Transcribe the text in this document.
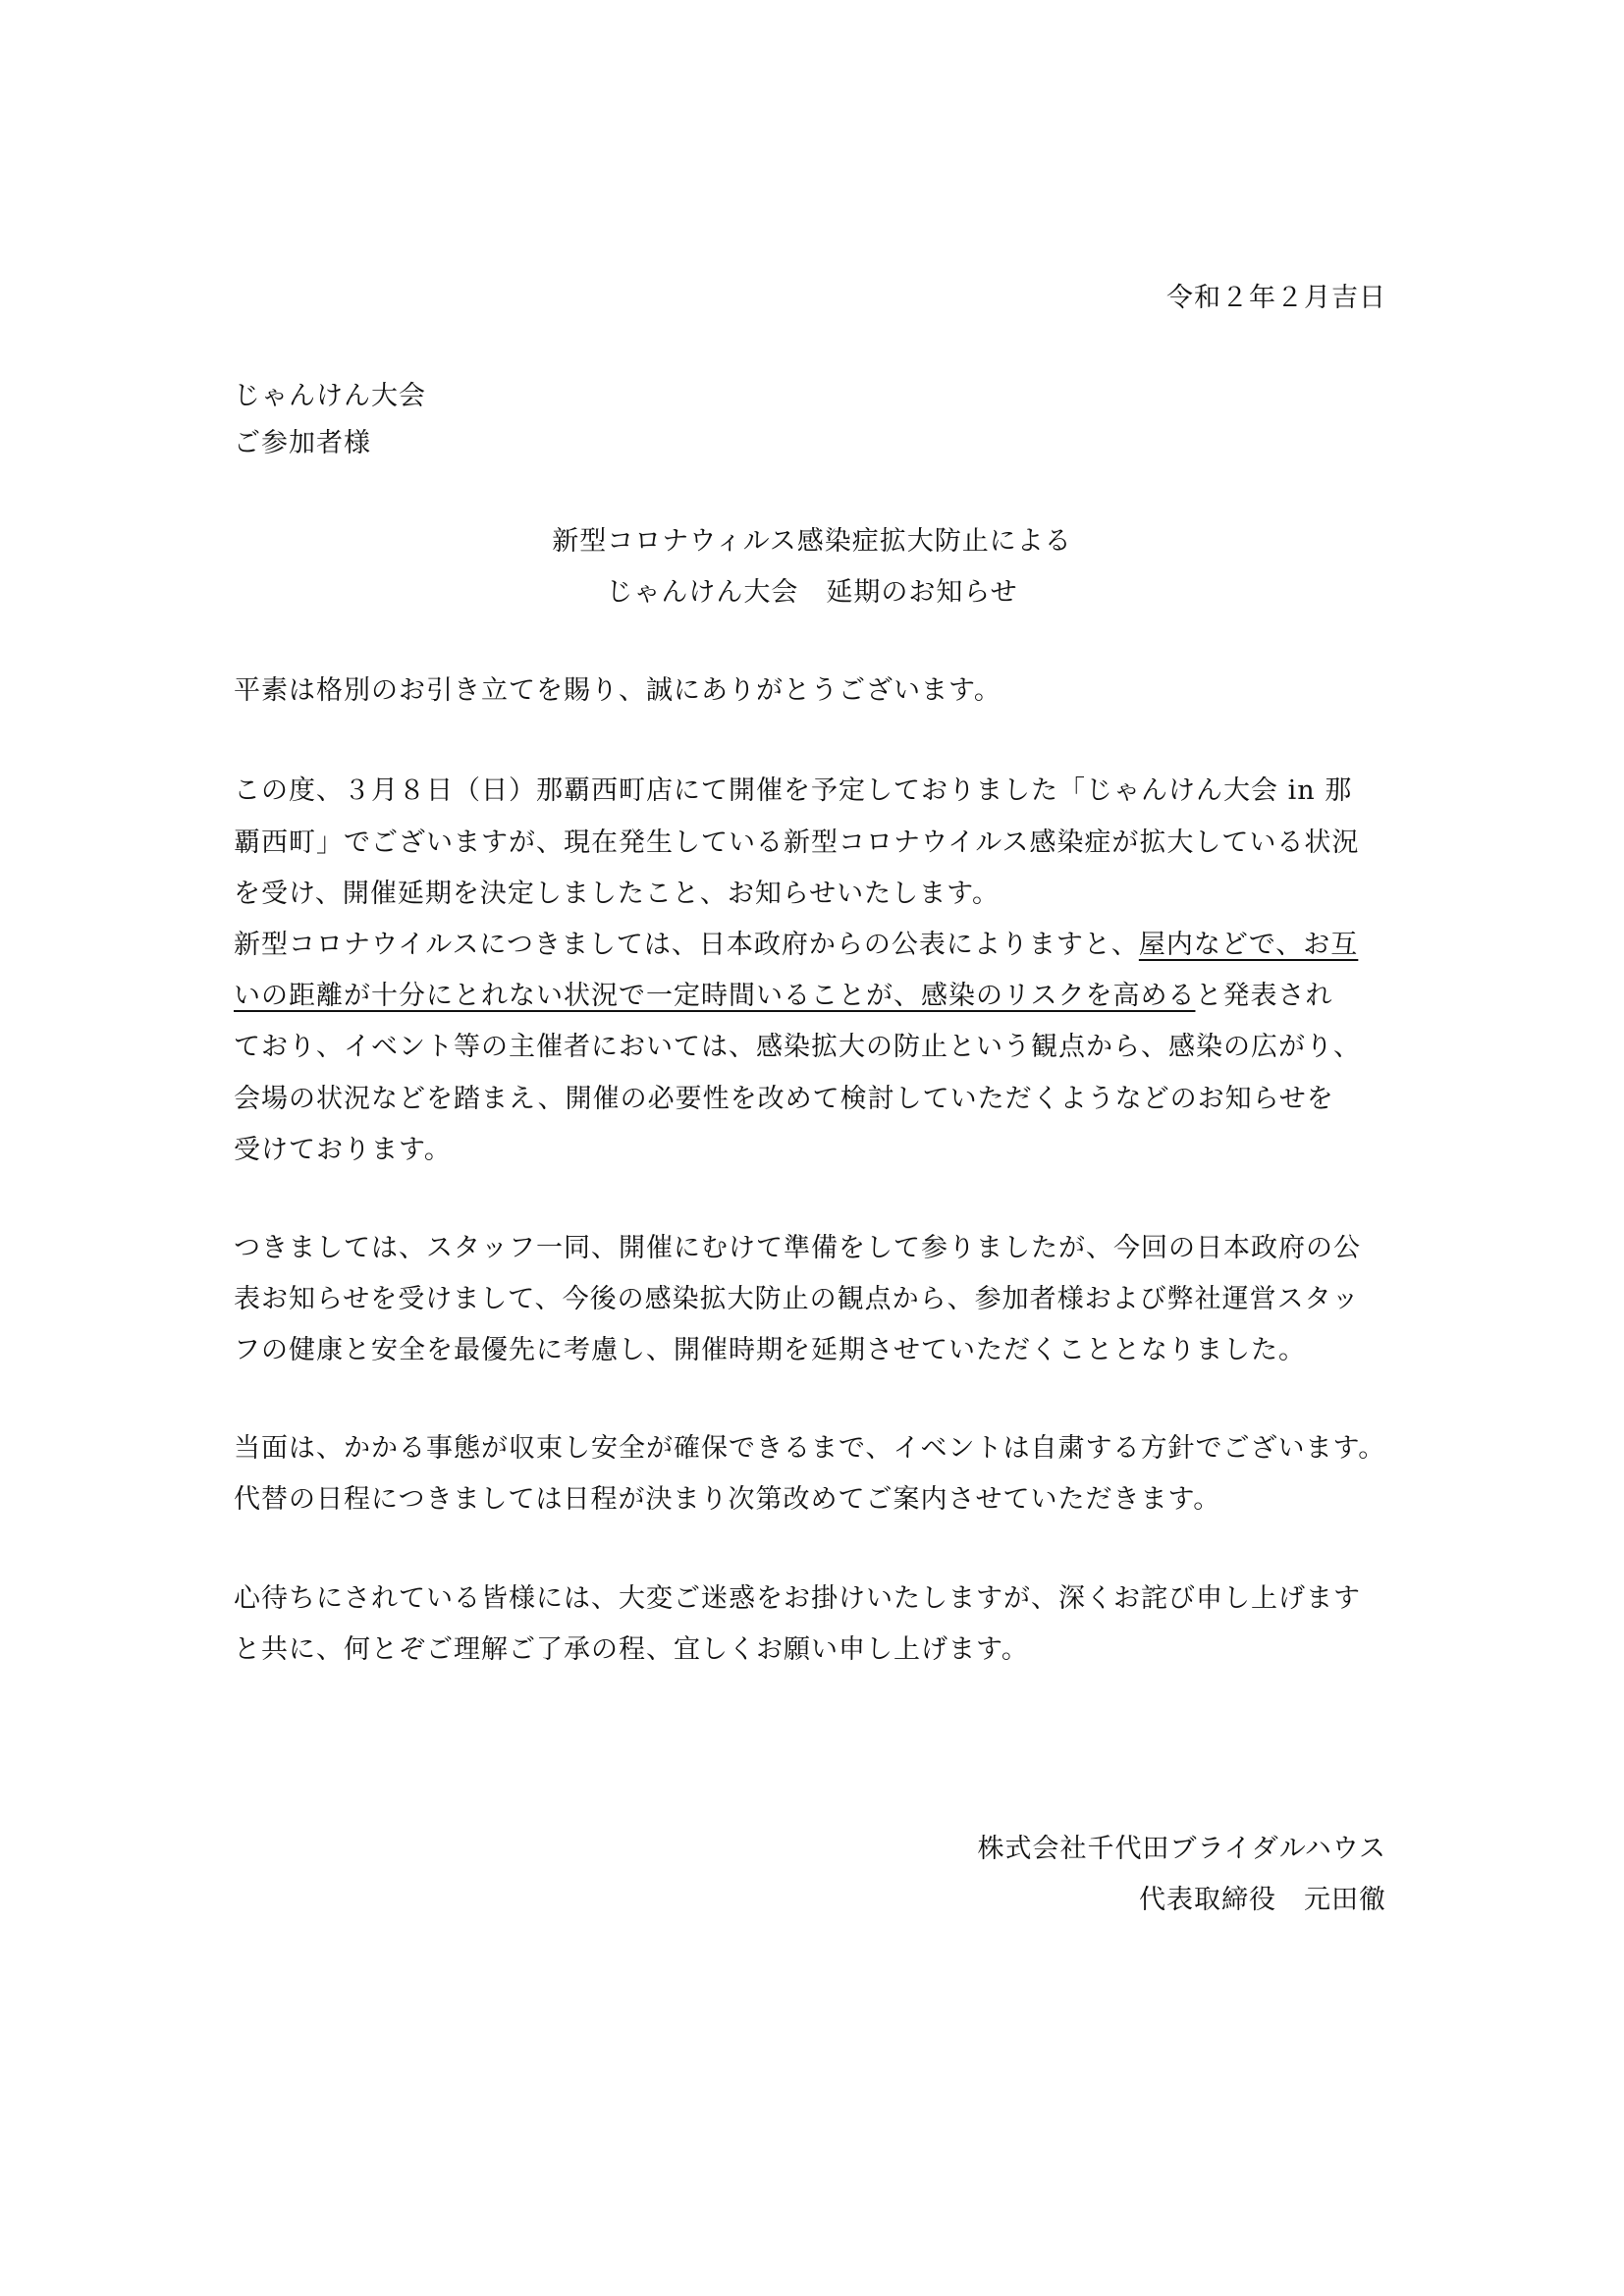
令和２年２月吉日
じゃんけん大会
ご参加者様
新型コロナウィルス感染症拡大防止による
じゃんけん大会　延期のお知らせ
平素は格別のお引き立てを賜り、誠にありがとうございます。
この度、３月８日（日）那覇西町店にて開催を予定しておりました「じゃんけん大会 in 那
覇西町」でございますが、現在発生している新型コロナウイルス感染症が拡大している状況
を受け、開催延期を決定しましたこと、お知らせいたします。
新型コロナウイルスにつきましては、日本政府からの公表によりますと、屋内などで、お互
いの距離が十分にとれない状況で一定時間いることが、感染のリスクを高めると発表され
ており、イベント等の主催者においては、感染拡大の防止という観点から、感染の広がり、
会場の状況などを踏まえ、開催の必要性を改めて検討していただくようなどのお知らせを
受けております。
つきましては、スタッフ一同、開催にむけて準備をして参りましたが、今回の日本政府の公
表お知らせを受けまして、今後の感染拡大防止の観点から、参加者様および弊社運営スタッ
フの健康と安全を最優先に考慮し、開催時期を延期させていただくこととなりました。
当面は、かかる事態が収束し安全が確保できるまで、イベントは自粛する方針でございます。
代替の日程につきましては日程が決まり次第改めてご案内させていただきます。
心待ちにされている皆様には、大変ご迷惑をお掛けいたしますが、深くお詫び申し上げます
と共に、何とぞご理解ご了承の程、宜しくお願い申し上げます。
株式会社千代田ブライダルハウス
代表取締役　元田徹
